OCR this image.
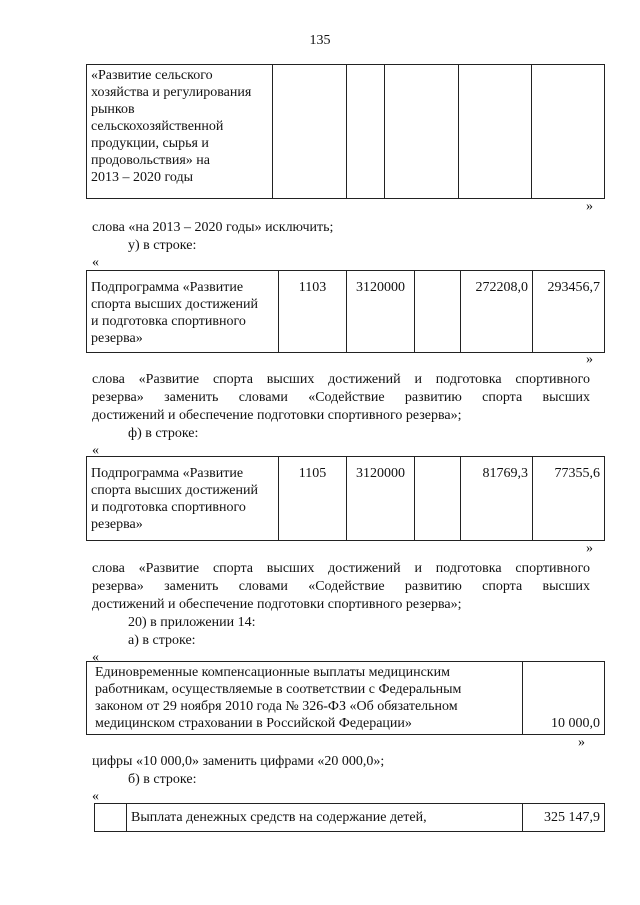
135
«Развитие сельского
хозяйства и регулирования
рынков
сельскохозяйственной
продукции, сырья и
продовольствия» на
2013 – 2020 годы

»
слова «на 2013 – 2020 годы» исключить;
у) в строке:
«
Подпрограмма «Развитие
спорта высших достижений
и подготовка спортивного
резерва»
	1103	3120000		272208,0	293456,7
»
слова «Развитие спорта высших достижений и подготовка спортивного
резерва» заменить словами «Содействие развитию спорта высших
достижений и обеспечение подготовки спортивного резерва»;
ф) в строке:
«
Подпрограмма «Развитие
спорта высших достижений
и подготовка спортивного
резерва»
	1105	3120000		81769,3	77355,6
»
слова «Развитие спорта высших достижений и подготовка спортивного
резерва» заменить словами «Содействие развитию спорта высших
достижений и обеспечение подготовки спортивного резерва»;
20) в приложении 14:
а) в строке:
«
Единовременные компенсационные выплаты медицинским
работникам, осуществляемые в соответствии с Федеральным
законом от 29 ноября 2010 года № 326-ФЗ «Об обязательном
медицинском страховании в Российской Федерации»	10 000,0
»
цифры «10 000,0» заменить цифрами «20 000,0»;
б) в строке:
«
	Выплата денежных средств на содержание детей,	325 147,9
